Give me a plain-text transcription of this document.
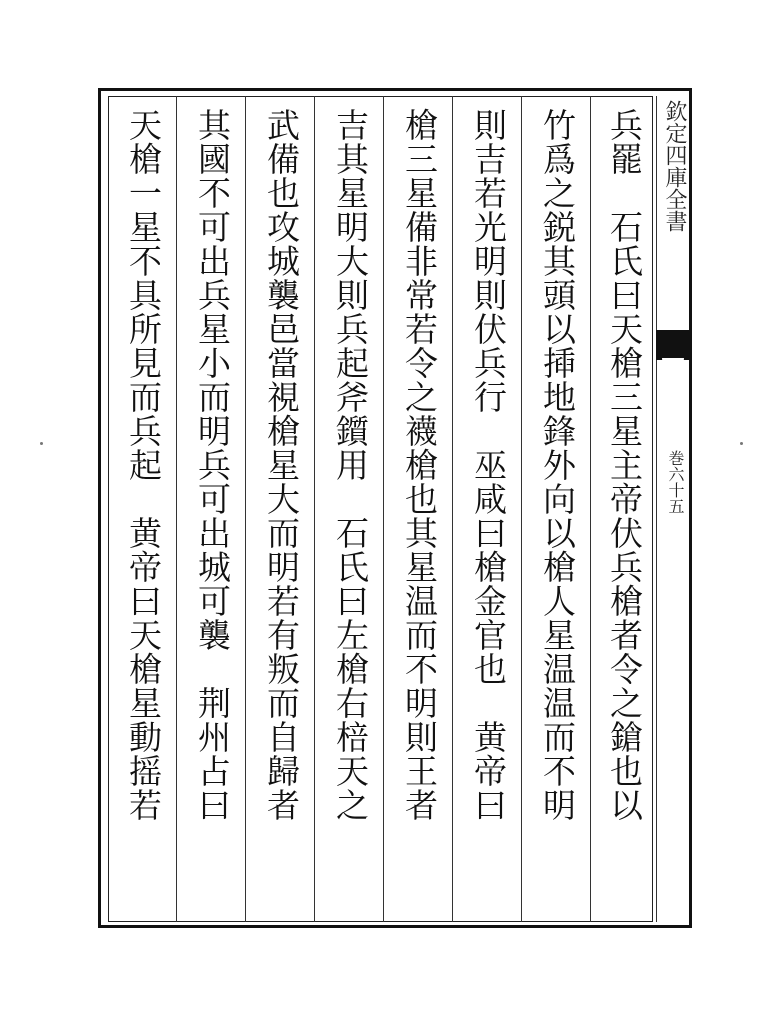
欽定四庫全書
巻六十五
兵罷　石氏曰天槍三星主帝伏兵槍者令之鎗也以
竹爲之鋭其頭以揷地鋒外向以槍人星温温而不明
則吉若光明則伏兵行　巫咸曰槍金官也　黄帝曰
槍三星備非常若令之襪槍也其星温而不明則王者
吉其星明大則兵起斧鑕用　石氏曰左槍右棓天之
武備也攻城襲邑當視槍星大而明若有叛而自歸者
其國不可出兵星小而明兵可出城可襲　荆州占曰
天槍一星不具所見而兵起　黄帝曰天槍星動摇若
